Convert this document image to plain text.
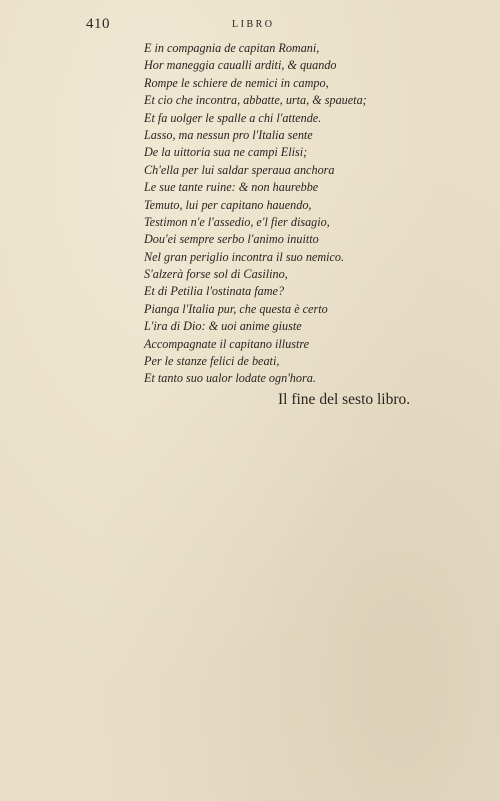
410	LIBRO
E in compagnia de capitan Romani,
Hor maneggia caualli arditi, & quando
Rompe le schiere de nemici in campo,
Et cio che incontra, abbatte, urta, & spaueta;
Et fa uolger le spalle a chi l'attende.
Lasso, ma nessun pro l'Italia sente
De la uittoria sua ne campi Elisi;
Ch'ella per lui saldar speraua anchora
Le sue tante ruine: & non haurebbe
Temuto, lui per capitano hauendo,
Testimon n'e l'assedio, e'l fier disagio,
Dou'ei sempre serbo l'animo inuitto
Nel gran periglio incontra il suo nemico.
S'alzerà forse sol di Casilino,
Et di Petilia l'ostinata fame?
Pianga l'Italia pur, che questa è certo
L'ira di Dio: & uoi anime giuste
Accompagnate il capitano illustre
Per le stanze felici de beati,
Et tanto suo ualor lodate ogn'hora.
Il fine del sesto libro.
